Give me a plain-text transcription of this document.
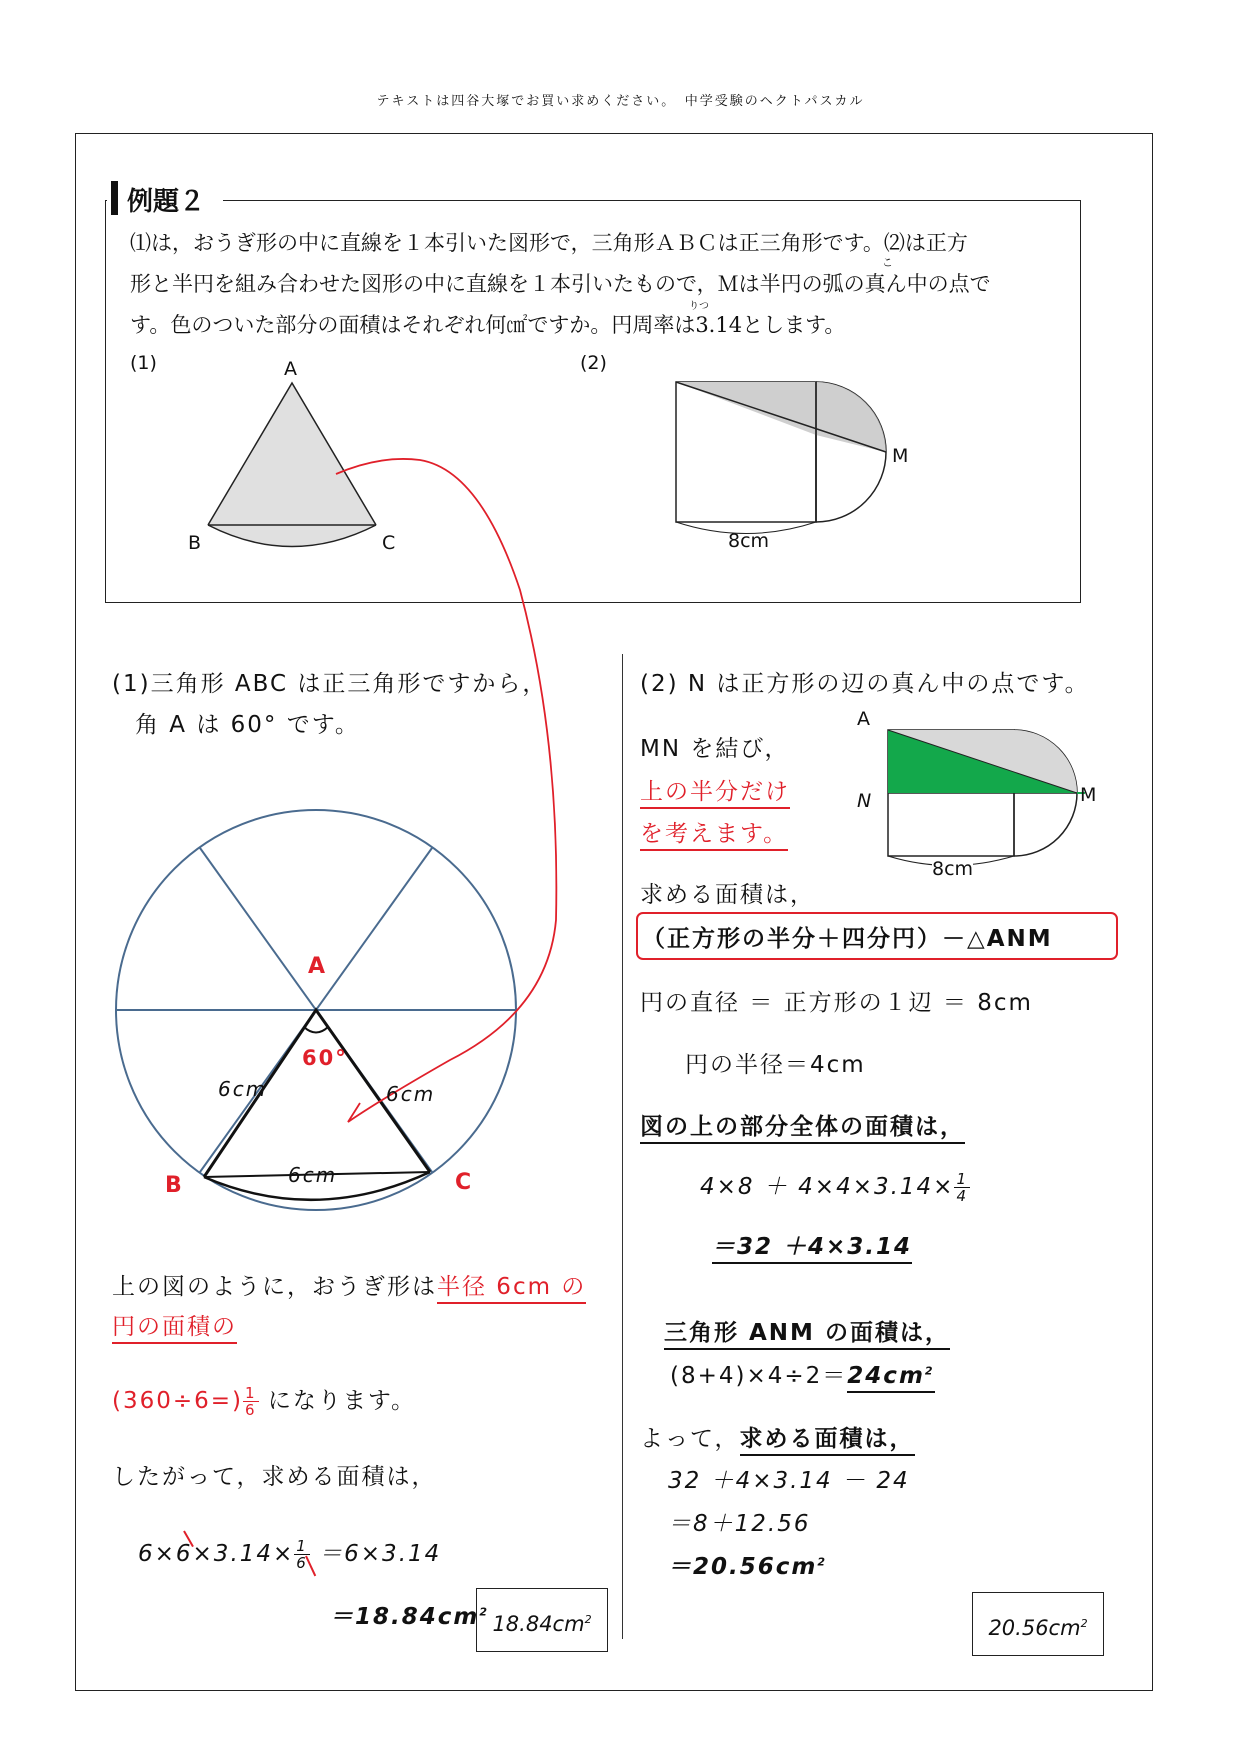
テキストは四谷大塚でお買い求めください。　中学受験のヘクトパスカル
例題２
⑴は，おうぎ形の中に直線を１本引いた図形で，三角形ＡＢＣは正三角形です。⑵は正方
形と半円を組み合わせた図形の中に直線を１本引いたもので，Ｍは半円の弧の真ん中の点で
す。色のついた部分の面積はそれぞれ何㎠ですか。円周率は3.14とします。
こ
りつ
(1)	A
B	C
(2)
M
8cm
(1)三角形 ABC は正三角形ですから，
角 A は 60° です。
A
B	C
60°
6cm	6cm
6cm
上の図のように，おうぎ形は半径 6cm の
円の面積の
$(360\div 6=) \frac{1}{6}$ になります。
したがって，求める面積は，
$6\times 6\times 3.14\times \frac{1}{6} =6\times 3.14$
$=18.84cm^2$
$18.84cm^2$
(2) N は正方形の辺の真ん中の点です。
A
N	M
8cm
MN を結び，
上の半分だけ
を考えます。
求める面積は，
（正方形の半分＋四分円）－△ANM
円の直径 ＝ 正方形の１辺 ＝ 8cm
円の半径＝4cm
図の上の部分全体の面積は，
$4\times 8 + 4\times 4\times 3.14\times \frac{1}{4}$
＝32 ＋4×3.14
三角形 ANM の面積は，
$(8+4)\times 4\div 2=24cm^2$
よって，求める面積は，
32 ＋4×3.14 － 24
＝8＋12.56
$=20.56cm^2$
$20.56cm^2$
